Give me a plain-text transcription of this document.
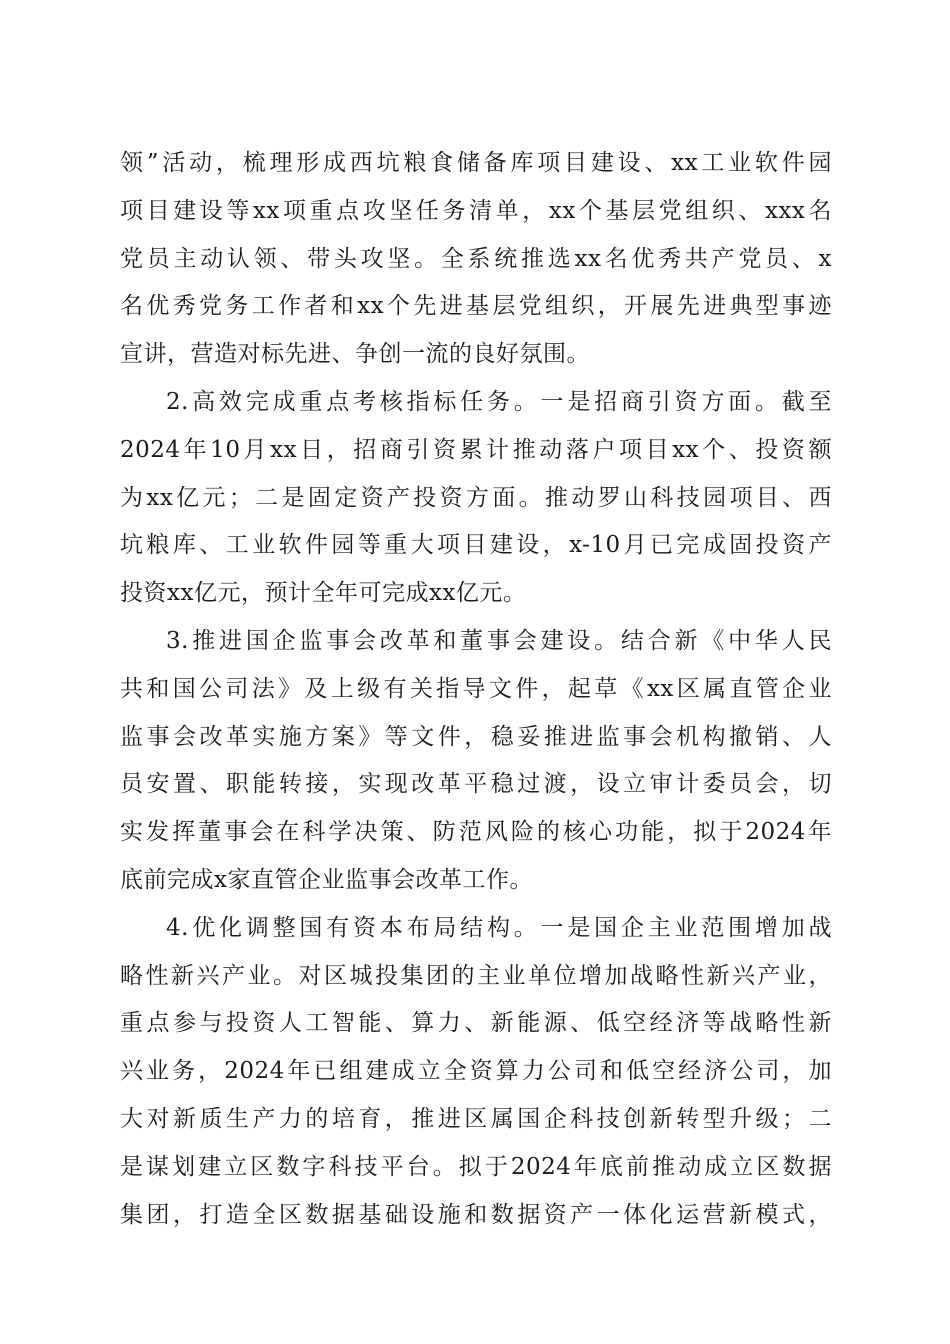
领”活动，梳理形成西坑粮食储备库项目建设、xx工业软件园
项目建设等xx项重点攻坚任务清单，xx个基层党组织、xxx名
党员主动认领、带头攻坚。全系统推选xx名优秀共产党员、x
名优秀党务工作者和xx个先进基层党组织，开展先进典型事迹
宣讲，营造对标先进、争创一流的良好氛围。
2.高效完成重点考核指标任务。一是招商引资方面。截至
2024年10月xx日，招商引资累计推动落户项目xx个、投资额
为xx亿元；二是固定资产投资方面。推动罗山科技园项目、西
坑粮库、工业软件园等重大项目建设，x-10月已完成固投资产
投资xx亿元，预计全年可完成xx亿元。
3.推进国企监事会改革和董事会建设。结合新《中华人民
共和国公司法》及上级有关指导文件，起草《xx区属直管企业
监事会改革实施方案》等文件，稳妥推进监事会机构撤销、人
员安置、职能转接，实现改革平稳过渡，设立审计委员会，切
实发挥董事会在科学决策、防范风险的核心功能，拟于2024年
底前完成x家直管企业监事会改革工作。
4.优化调整国有资本布局结构。一是国企主业范围增加战
略性新兴产业。对区城投集团的主业单位增加战略性新兴产业，
重点参与投资人工智能、算力、新能源、低空经济等战略性新
兴业务，2024年已组建成立全资算力公司和低空经济公司，加
大对新质生产力的培育，推进区属国企科技创新转型升级；二
是谋划建立区数字科技平台。拟于2024年底前推动成立区数据
集团，打造全区数据基础设施和数据资产一体化运营新模式，
